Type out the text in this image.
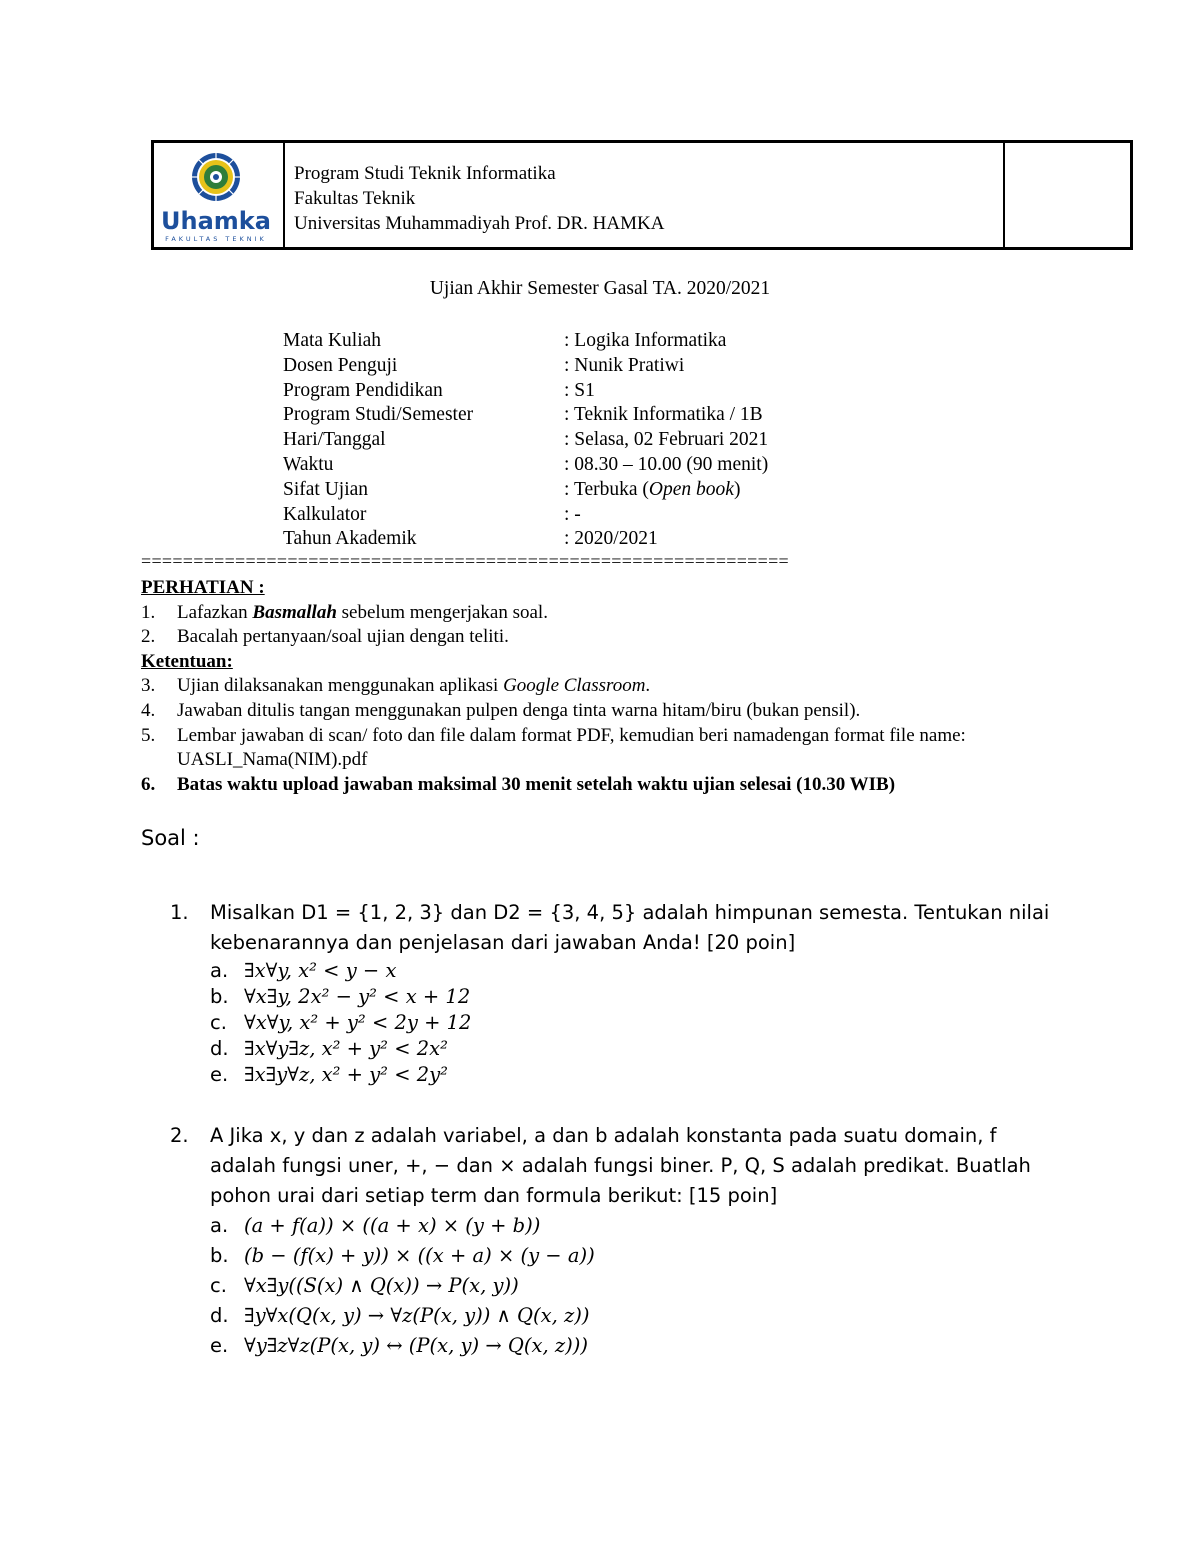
Uhamka
FAKULTAS TEKNIK
Program Studi Teknik Informatika
Fakultas Teknik
Universitas Muhammadiyah Prof. DR. HAMKA
Ujian Akhir Semester Gasal TA. 2020/2021
Mata Kuliah	: Logika Informatika
Dosen Penguji	: Nunik Pratiwi
Program Pendidikan	: S1
Program Studi/Semester	: Teknik Informatika / 1B
Hari/Tanggal	: Selasa, 02 Februari 2021
Waktu	: 08.30 – 10.00 (90 menit)
Sifat Ujian	: Terbuka (Open book)
Kalkulator	: -
Tahun Akademik	: 2020/2021
==============================================================
PERHATIAN :
1.	Lafazkan Basmallah sebelum mengerjakan soal.
2.	Bacalah pertanyaan/soal ujian dengan teliti.
Ketentuan:
3.	Ujian dilaksanakan menggunakan aplikasi Google Classroom.
4.	Jawaban ditulis tangan menggunakan pulpen denga tinta warna hitam/biru (bukan pensil).
5.	Lembar jawaban di scan/ foto dan file dalam format PDF, kemudian beri namadengan format file name: UASLI_Nama(NIM).pdf
6.	Batas waktu upload jawaban maksimal 30 menit setelah waktu ujian selesai (10.30 WIB)
Soal :
1.	Misalkan D1 = {1, 2, 3} dan D2 = {3, 4, 5} adalah himpunan semesta. Tentukan nilai kebenarannya dan penjelasan dari jawaban Anda! [20 poin]
a. ∃x∀y, x² < y − x
b. ∀x∃y, 2x² − y² < x + 12
c. ∀x∀y, x² + y² < 2y + 12
d. ∃x∀y∃z, x² + y² < 2x²
e. ∃x∃y∀z, x² + y² < 2y²
2.	A Jika x, y dan z adalah variabel, a dan b adalah konstanta pada suatu domain, f adalah fungsi uner, +, − dan × adalah fungsi biner. P, Q, S adalah predikat. Buatlah pohon urai dari setiap term dan formula berikut: [15 poin]
a. (a + f(a)) × ((a + x) × (y + b))
b. (b − (f(x) + y)) × ((x + a) × (y − a))
c. ∀x∃y((S(x) ∧ Q(x)) → P(x, y))
d. ∃y∀x(Q(x, y) → ∀z(P(x, y)) ∧ Q(x, z))
e. ∀y∃z∀z(P(x, y) ↔ (P(x, y) → Q(x, z)))
